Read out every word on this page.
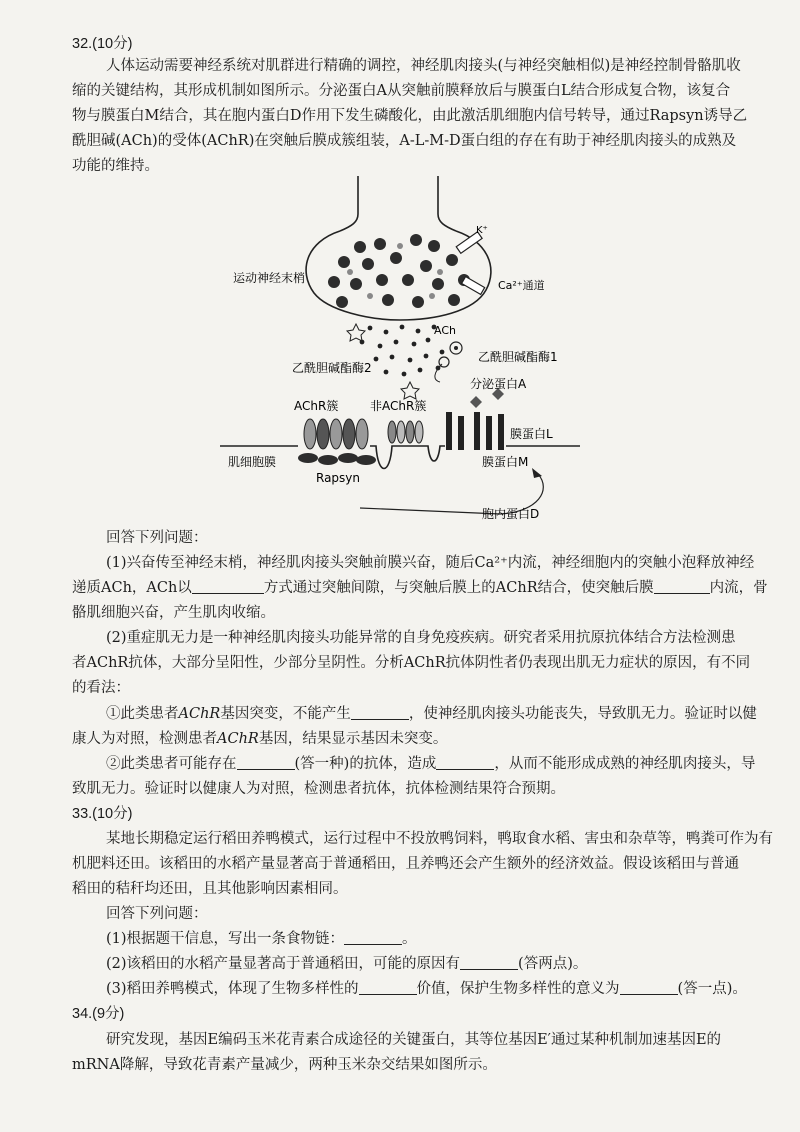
32.(10分)
人体运动需要神经系统对肌群进行精确的调控，神经肌肉接头(与神经突触相似)是神经控制骨骼肌收
缩的关键结构，其形成机制如图所示。分泌蛋白A从突触前膜释放后与膜蛋白L结合形成复合物，该复合
物与膜蛋白M结合，其在胞内蛋白D作用下发生磷酸化，由此激活肌细胞内信号转导，通过Rapsyn诱导乙
酰胆碱(ACh)的受体(AChR)在突触后膜成簇组装，A-L-M-D蛋白组的存在有助于神经肌肉接头的成熟及
功能的维持。
K⁺
Ca²⁺通道
运动神经末梢
ACh
乙酰胆碱酯酶2
乙酰胆碱酯酶1
分泌蛋白A
AChR簇
Rapsyn
非AChR簇
膜蛋白L
膜蛋白M
肌细胞膜
胞内蛋白D
回答下列问题：
(1)兴奋传至神经末梢，神经肌肉接头突触前膜兴奋，随后Ca²⁺内流，神经细胞内的突触小泡释放神经
递质ACh，ACh以	方式通过突触间隙，与突触后膜上的AChR结合，使突触后膜	内流，骨
骼肌细胞兴奋，产生肌肉收缩。
(2)重症肌无力是一种神经肌肉接头功能异常的自身免疫疾病。研究者采用抗原抗体结合方法检测患
者AChR抗体，大部分呈阳性，少部分呈阴性。分析AChR抗体阴性者仍表现出肌无力症状的原因，有不同
的看法：
①此类患者AChR基因突变，不能产生	，使神经肌肉接头功能丧失，导致肌无力。验证时以健
康人为对照，检测患者AChR基因，结果显示基因未突变。
②此类患者可能存在	(答一种)的抗体，造成	，从而不能形成成熟的神经肌肉接头，导
致肌无力。验证时以健康人为对照，检测患者抗体，抗体检测结果符合预期。
33.(10分)
某地长期稳定运行稻田养鸭模式，运行过程中不投放鸭饲料，鸭取食水稻、害虫和杂草等，鸭粪可作为有
机肥料还田。该稻田的水稻产量显著高于普通稻田，且养鸭还会产生额外的经济效益。假设该稻田与普通
稻田的秸秆均还田，且其他影响因素相同。
回答下列问题：
(1)根据题干信息，写出一条食物链：	。
(2)该稻田的水稻产量显著高于普通稻田，可能的原因有	(答两点)。
(3)稻田养鸭模式，体现了生物多样性的	价值，保护生物多样性的意义为	(答一点)。
34.(9分)
研究发现，基因E编码玉米花青素合成途径的关键蛋白，其等位基因E′通过某种机制加速基因E的
mRNA降解，导致花青素产量减少，两种玉米杂交结果如图所示。
